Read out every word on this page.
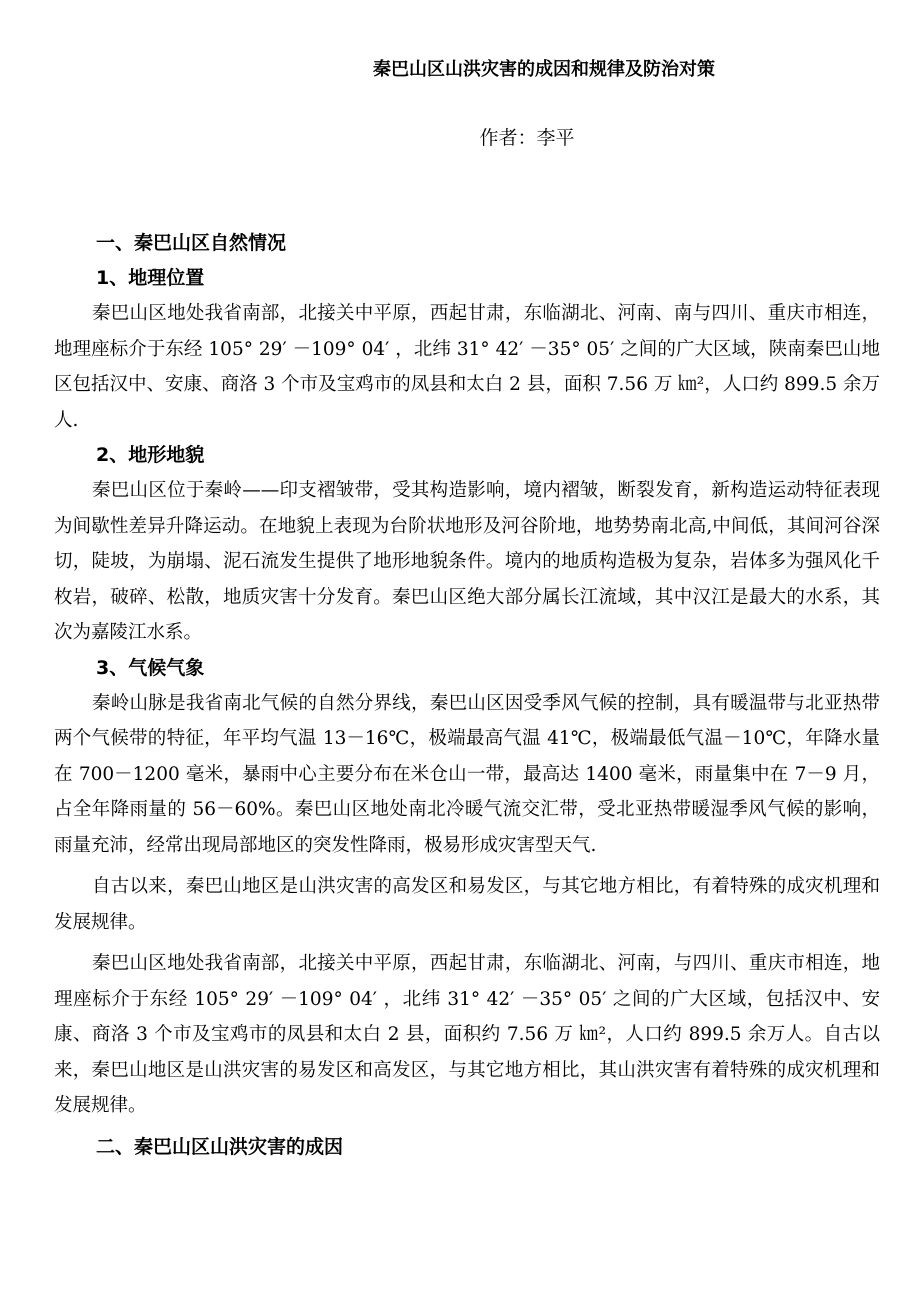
秦巴山区山洪灾害的成因和规律及防治对策
作者：李平

一、秦巴山区自然情况

1、地理位置

秦巴山区地处我省南部，北接关中平原，西起甘肃，东临湖北、河南、南与四川、重庆市相连，地理座标介于东经 105° 29′ －109° 04′ ，北纬 31° 42′ －35° 05′ 之间的广大区域，陕南秦巴山地区包括汉中、安康、商洛 3 个市及宝鸡市的凤县和太白 2 县，面积 7.56 万 ㎞²，人口约 899.5 余万人.

2、地形地貌

秦巴山区位于秦岭——印支褶皱带，受其构造影响，境内褶皱，断裂发育，新构造运动特征表现为间歇性差异升降运动。在地貌上表现为台阶状地形及河谷阶地，地势势南北高,中间低，其间河谷深切，陡坡，为崩塌、泥石流发生提供了地形地貌条件。境内的地质构造极为复杂，岩体多为强风化千枚岩，破碎、松散，地质灾害十分发育。秦巴山区绝大部分属长江流域，其中汉江是最大的水系，其次为嘉陵江水系。

3、气候气象

秦岭山脉是我省南北气候的自然分界线，秦巴山区因受季风气候的控制，具有暖温带与北亚热带两个气候带的特征，年平均气温 13－16℃，极端最高气温 41℃，极端最低气温－10℃，年降水量在 700－1200 毫米，暴雨中心主要分布在米仓山一带，最高达 1400 毫米，雨量集中在 7－9 月，占全年降雨量的 56－60%。秦巴山区地处南北冷暖气流交汇带，受北亚热带暖湿季风气候的影响，雨量充沛，经常出现局部地区的突发性降雨，极易形成灾害型天气.

自古以来，秦巴山地区是山洪灾害的高发区和易发区，与其它地方相比，有着特殊的成灾机理和发展规律。

秦巴山区地处我省南部，北接关中平原，西起甘肃，东临湖北、河南，与四川、重庆市相连，地理座标介于东经 105° 29′ －109° 04′ ，北纬 31° 42′ －35° 05′ 之间的广大区域，包括汉中、安康、商洛 3 个市及宝鸡市的凤县和太白 2 县，面积约 7.56 万 ㎞²，人口约 899.5 余万人。自古以来，秦巴山地区是山洪灾害的易发区和高发区，与其它地方相比，其山洪灾害有着特殊的成灾机理和发展规律。

二、秦巴山区山洪灾害的成因
